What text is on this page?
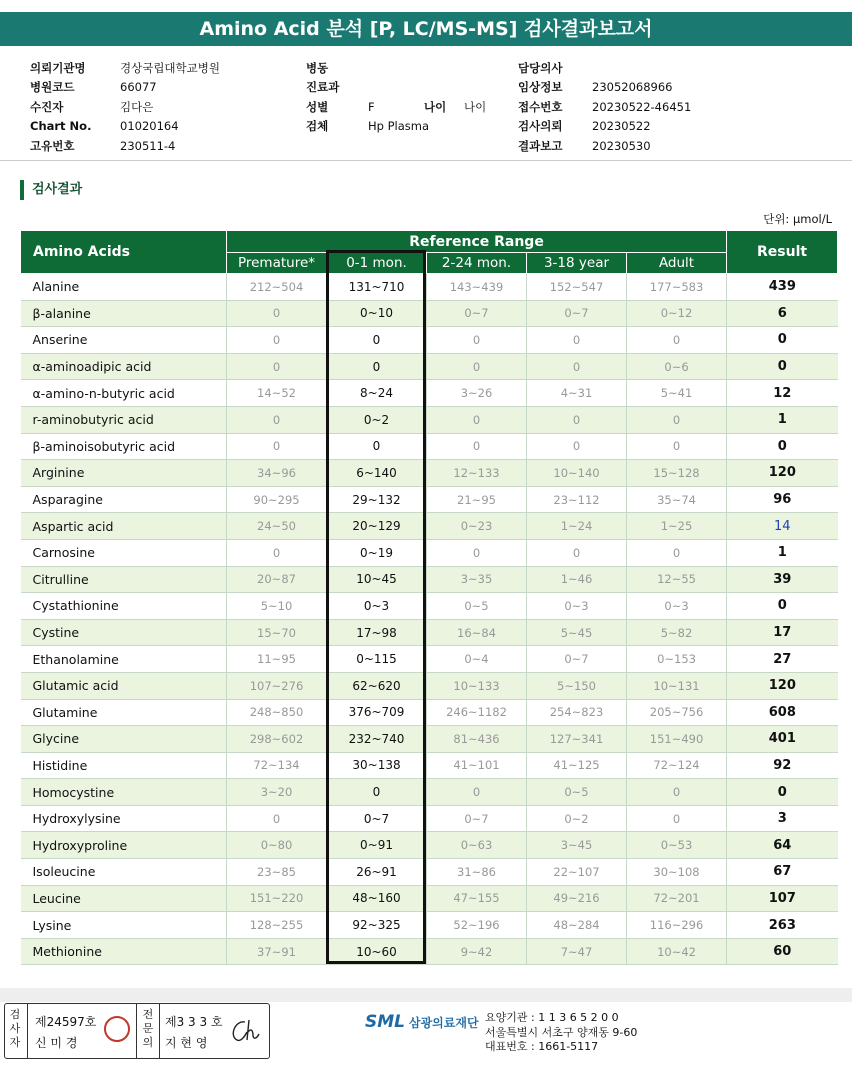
Amino Acid 분석 [P, LC/MS-MS] 검사결과보고서
의뢰기관명	경상국립대학교병원
병원코드	66077
수진자	김다은
Chart No.	01020164
고유번호	230511-4
병동
진료과
성별	F	나이	나이
검체	Hp Plasma
담당의사
임상정보	23052068966
접수번호	20230522-46451
검사의뢰	20230522
결과보고	20230530
검사결과
단위: μmol/L
Amino Acids	Reference Range					Result
	Premature*	0-1 mon.	2-24 mon.	3-18 year	Adult	
Alanine	212~504	131~710	143~439	152~547	177~583	439
β-alanine	0	0~10	0~7	0~7	0~12	6
Anserine	0	0	0	0	0	0
α-aminoadipic acid	0	0	0	0	0~6	0
α-amino-n-butyric acid	14~52	8~24	3~26	4~31	5~41	12
r-aminobutyric acid	0	0~2	0	0	0	1
β-aminoisobutyric acid	0	0	0	0	0	0
Arginine	34~96	6~140	12~133	10~140	15~128	120
Asparagine	90~295	29~132	21~95	23~112	35~74	96
Aspartic acid	24~50	20~129	0~23	1~24	1~25	14
Carnosine	0	0~19	0	0	0	1
Citrulline	20~87	10~45	3~35	1~46	12~55	39
Cystathionine	5~10	0~3	0~5	0~3	0~3	0
Cystine	15~70	17~98	16~84	5~45	5~82	17
Ethanolamine	11~95	0~115	0~4	0~7	0~153	27
Glutamic acid	107~276	62~620	10~133	5~150	10~131	120
Glutamine	248~850	376~709	246~1182	254~823	205~756	608
Glycine	298~602	232~740	81~436	127~341	151~490	401
Histidine	72~134	30~138	41~101	41~125	72~124	92
Homocystine	3~20	0	0	0~5	0	0
Hydroxylysine	0	0~7	0~7	0~2	0	3
Hydroxyproline	0~80	0~91	0~63	3~45	0~53	64
Isoleucine	23~85	26~91	31~86	22~107	30~108	67
Leucine	151~220	48~160	47~155	49~216	72~201	107
Lysine	128~255	92~325	52~196	48~284	116~296	263
Methionine	37~91	10~60	9~42	7~47	10~42	60
검
사
자
제24597호
신 미 경
전
문
의
제3 3 3 호
지 현 영
SML 삼광의료재단 요양기관 : 1 1 3 6 5 2 0 0
서울특별시 서초구 양재동 9-60
대표번호 : 1661-5117
